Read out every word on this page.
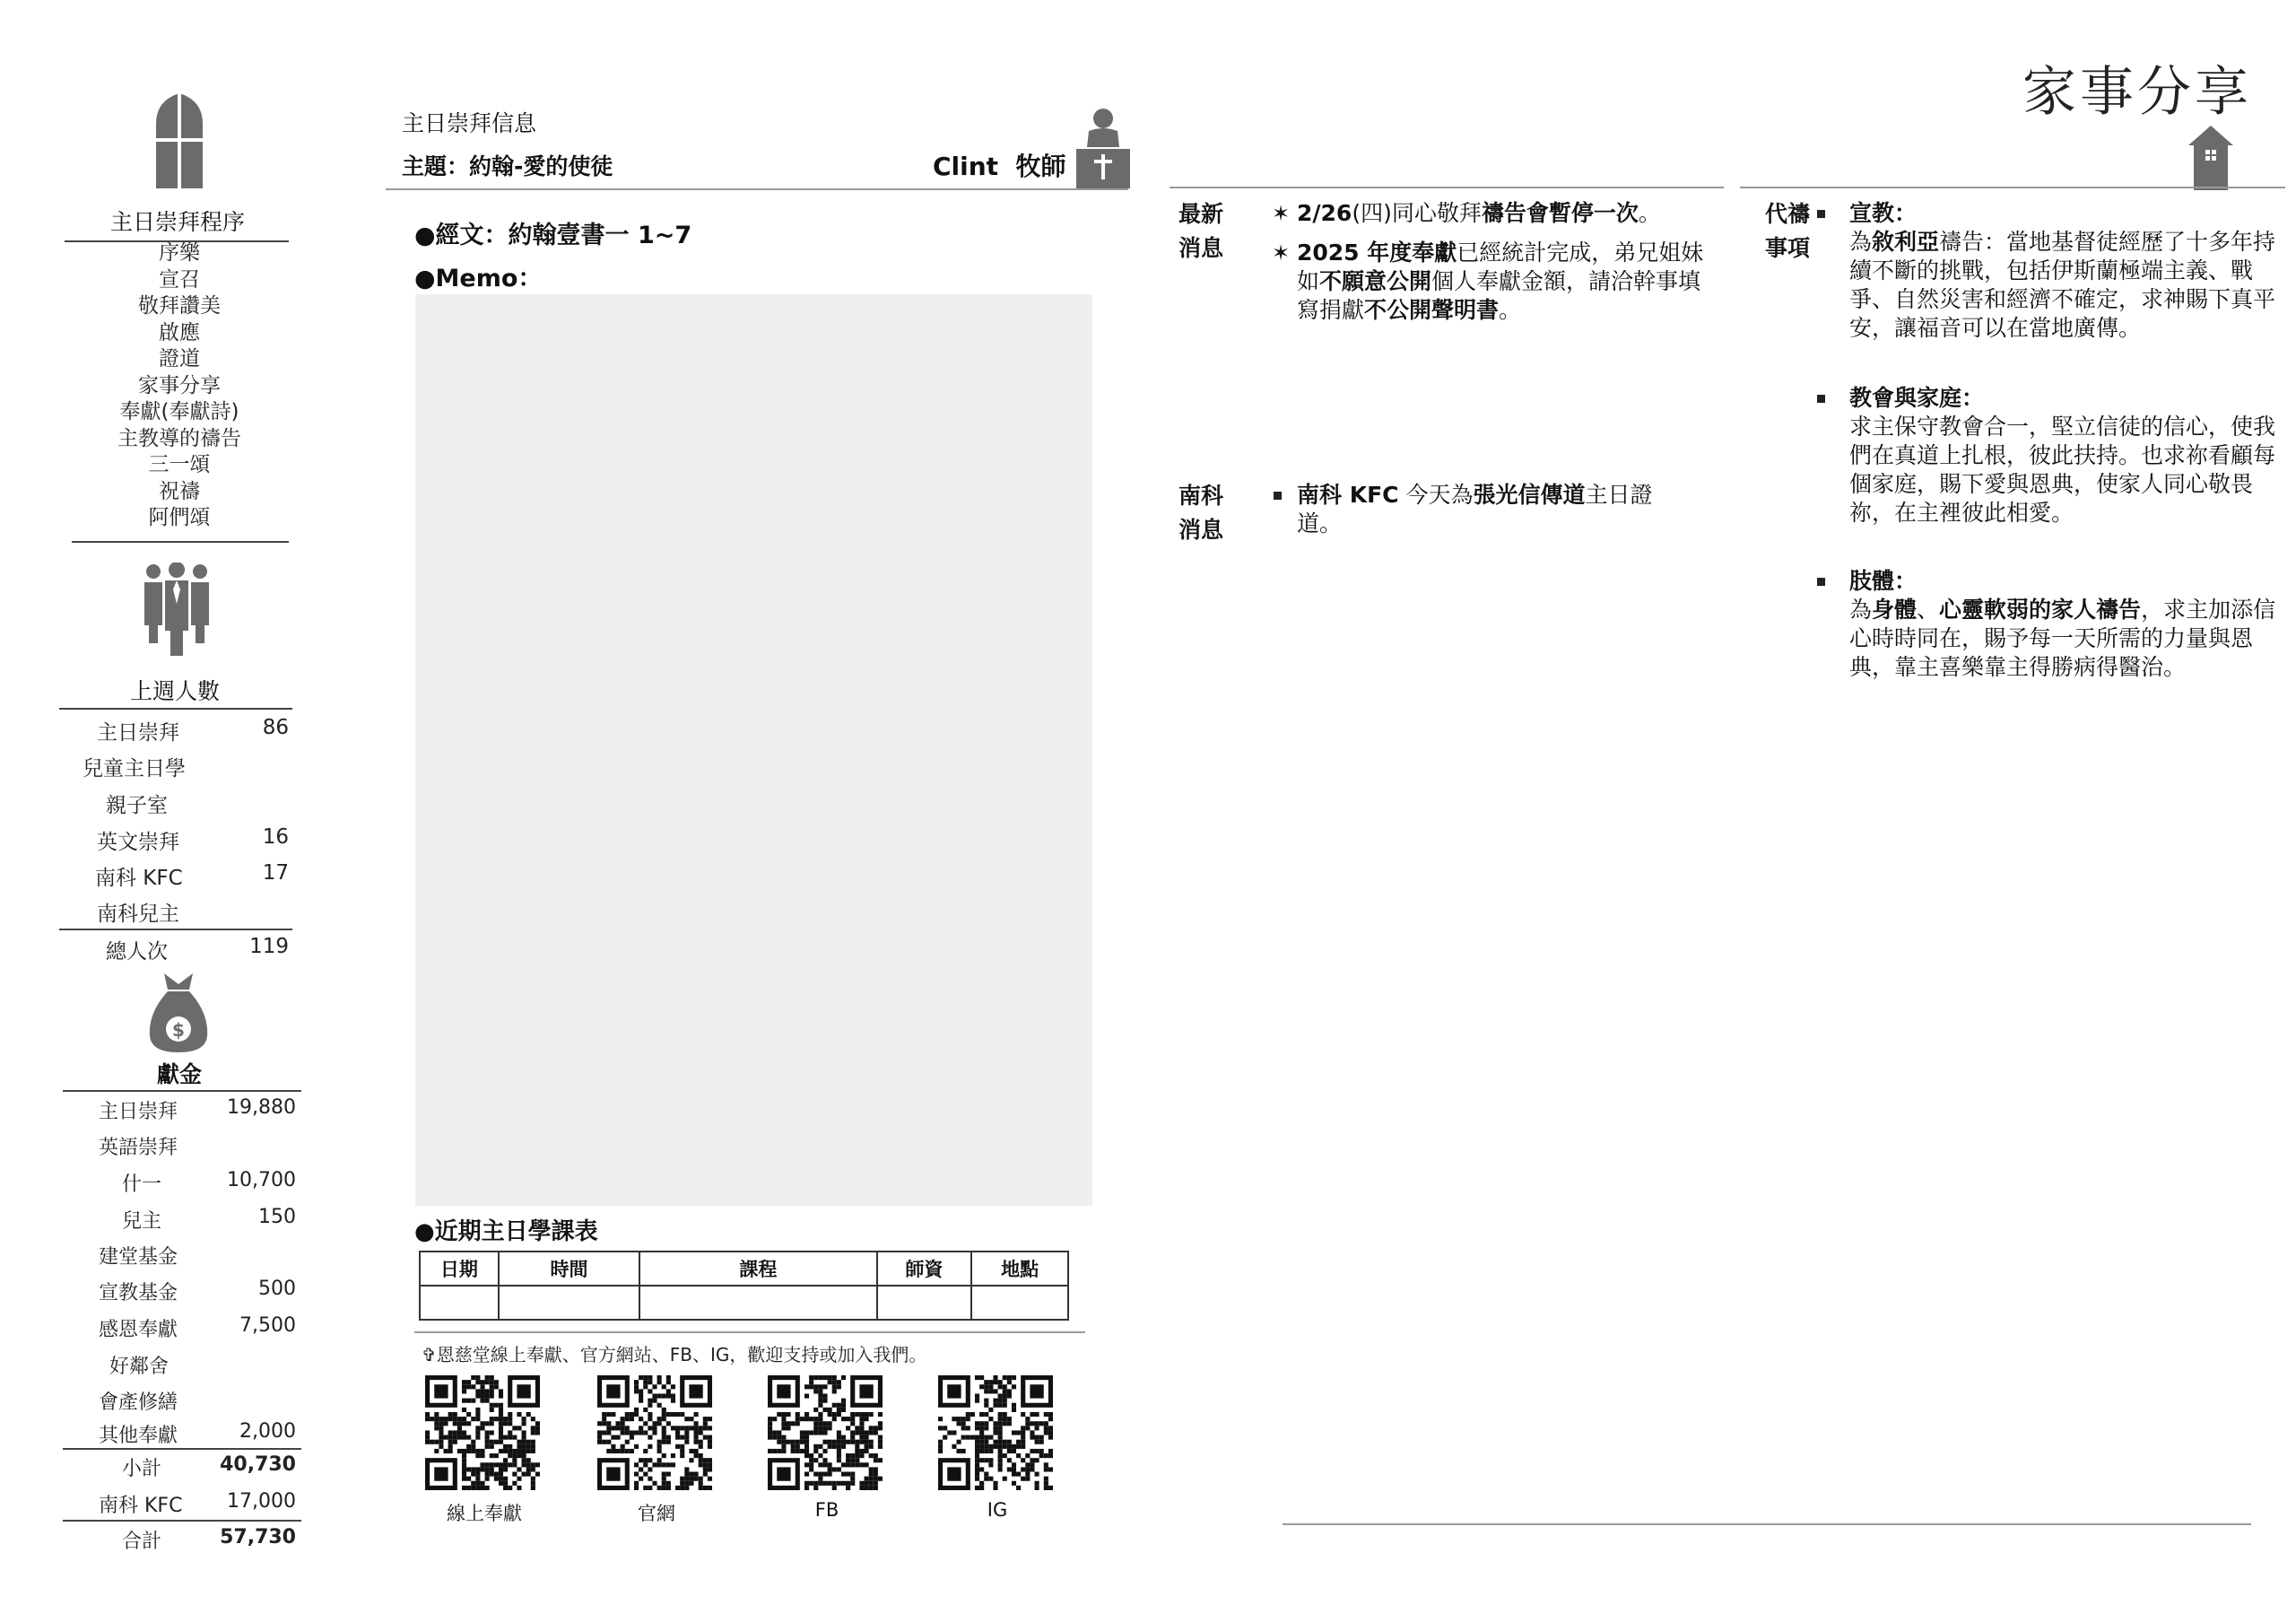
家事分享
主日崇拜程序
序樂
宣召
敬拜讚美
啟應
證道
家事分享
奉獻(奉獻詩)
主教導的禱告
三一頌
祝禱
阿們頌
上週人數
主日崇拜	86
兒童主日學
親子室
英文崇拜	16
南科 KFC	17
南科兒主
總人次	119
$
獻金
主日崇拜	19,880
英語崇拜
什一	10,700
兒主	150
建堂基金
宣教基金	500
感恩奉獻	7,500
好鄰舍
會產修繕
其他奉獻	2,000
小計	40,730
南科 KFC	17,000
合計	57,730
主日崇拜信息
主題：約翰-愛的使徒	Clint  牧師
●經文：約翰壹書一 1~7
●Memo：
●近期主日學課表
日期	時間	課程	師資	地點

✞恩慈堂線上奉獻、官方網站、FB、IG，歡迎支持或加入我們。
線上奉獻	官網	FB	IG
最新
消息
✶ 2/26(四)同心敬拜禱告會暫停一次。
✶ 2025 年度奉獻已經統計完成，弟兄姐妹如不願意公開個人奉獻金額，請洽幹事填寫捐獻不公開聲明書。
南科
消息
南科 KFC 今天為張光信傳道主日證道。
代禱
事項
宣教：
為敘利亞禱告：當地基督徒經歷了十多年持續不斷的挑戰，包括伊斯蘭極端主義、戰爭、自然災害和經濟不確定，求神賜下真平安，讓福音可以在當地廣傳。
教會與家庭：
求主保守教會合一，堅立信徒的信心，使我們在真道上扎根，彼此扶持。也求祢看顧每個家庭，賜下愛與恩典，使家人同心敬畏祢，在主裡彼此相愛。
肢體：
為身體、心靈軟弱的家人禱告，求主加添信心時時同在，賜予每一天所需的力量與恩典，靠主喜樂靠主得勝病得醫治。
